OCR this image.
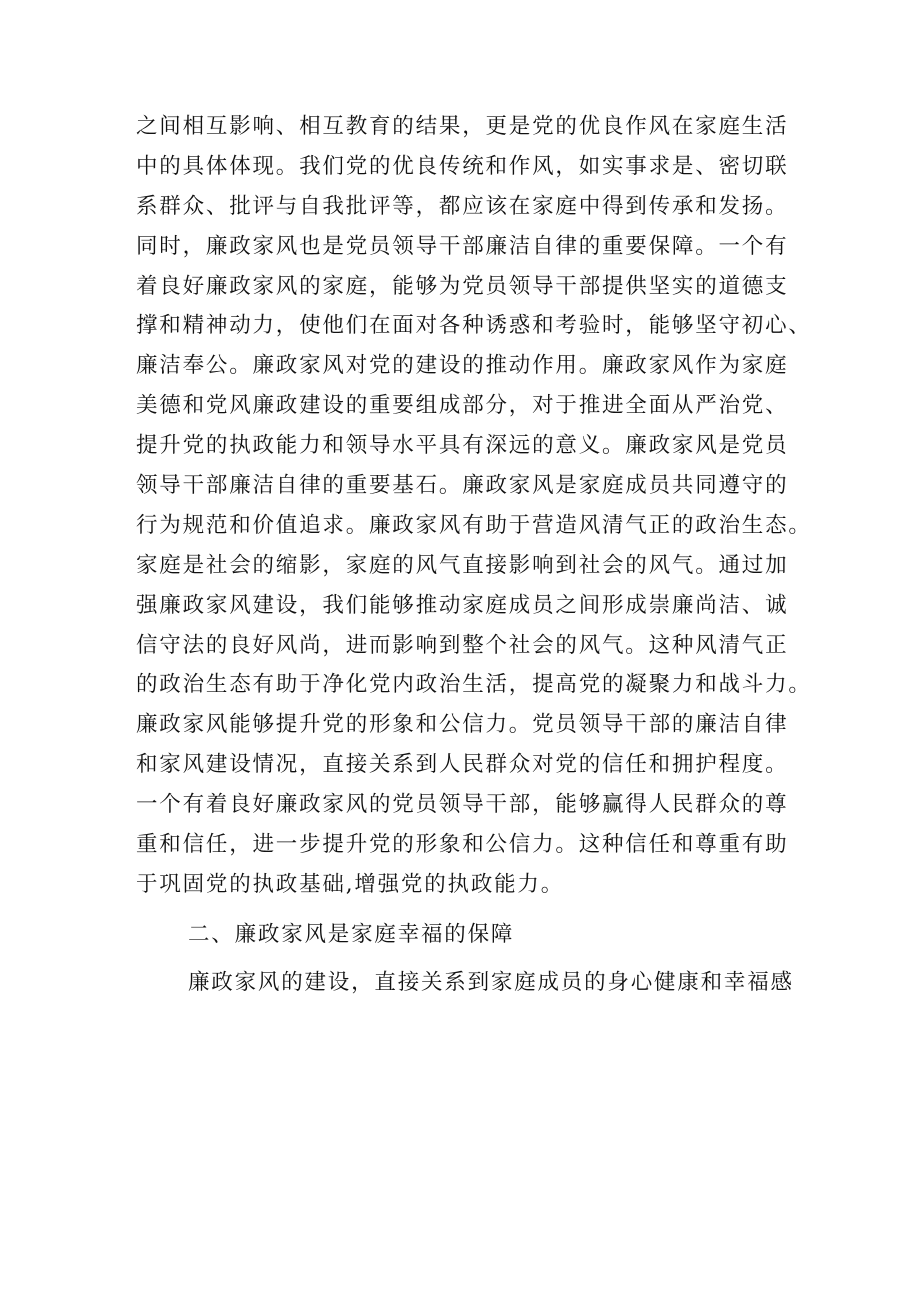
之间相互影响、相互教育的结果，更是党的优良作风在家庭生活
中的具体体现。我们党的优良传统和作风，如实事求是、密切联
系群众、批评与自我批评等，都应该在家庭中得到传承和发扬。
同时，廉政家风也是党员领导干部廉洁自律的重要保障。一个有
着良好廉政家风的家庭，能够为党员领导干部提供坚实的道德支
撑和精神动力，使他们在面对各种诱惑和考验时，能够坚守初心、
廉洁奉公。廉政家风对党的建设的推动作用。廉政家风作为家庭
美德和党风廉政建设的重要组成部分，对于推进全面从严治党、
提升党的执政能力和领导水平具有深远的意义。廉政家风是党员
领导干部廉洁自律的重要基石。廉政家风是家庭成员共同遵守的
行为规范和价值追求。廉政家风有助于营造风清气正的政治生态。
家庭是社会的缩影，家庭的风气直接影响到社会的风气。通过加
强廉政家风建设，我们能够推动家庭成员之间形成崇廉尚洁、诚
信守法的良好风尚，进而影响到整个社会的风气。这种风清气正
的政治生态有助于净化党内政治生活，提高党的凝聚力和战斗力。
廉政家风能够提升党的形象和公信力。党员领导干部的廉洁自律
和家风建设情况，直接关系到人民群众对党的信任和拥护程度。
一个有着良好廉政家风的党员领导干部，能够赢得人民群众的尊
重和信任，进一步提升党的形象和公信力。这种信任和尊重有助
于巩固党的执政基础,增强党的执政能力。
二、廉政家风是家庭幸福的保障
廉政家风的建设，直接关系到家庭成员的身心健康和幸福感
